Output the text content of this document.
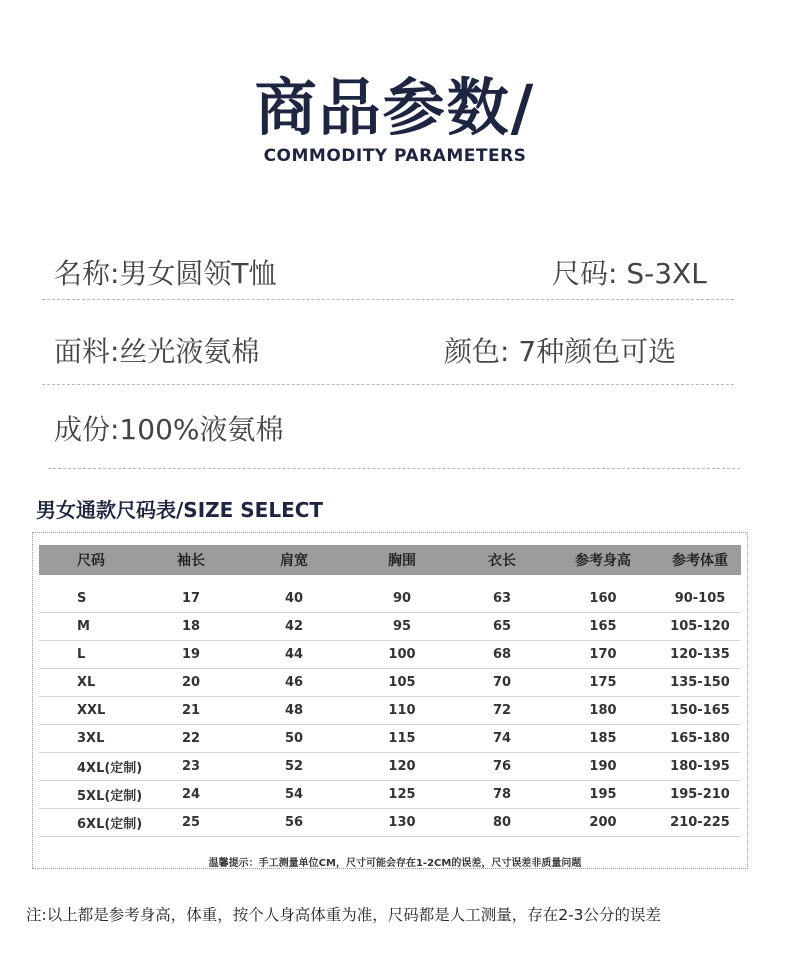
商品参数/
COMMODITY PARAMETERS
名称:男女圆领T恤	尺码: S-3XL
面料:丝光液氨棉	颜色: 7种颜色可选
成份:100%液氨棉
男女通款尺码表/SIZE SELECT
尺码	袖长	肩宽	胸围	衣长	参考身高	参考体重
S	17	40	90	63	160	90-105
M	18	42	95	65	165	105-120
L	19	44	100	68	170	120-135
XL	20	46	105	70	175	135-150
XXL	21	48	110	72	180	150-165
3XL	22	50	115	74	185	165-180
4XL(定制)	23	52	120	76	190	180-195
5XL(定制)	24	54	125	78	195	195-210
6XL(定制)	25	56	130	80	200	210-225
温馨提示：手工测量单位CM，尺寸可能会存在1-2CM的误差，尺寸误差非质量问题
注:以上都是参考身高，体重，按个人身高体重为准，尺码都是人工测量，存在2-3公分的误差
